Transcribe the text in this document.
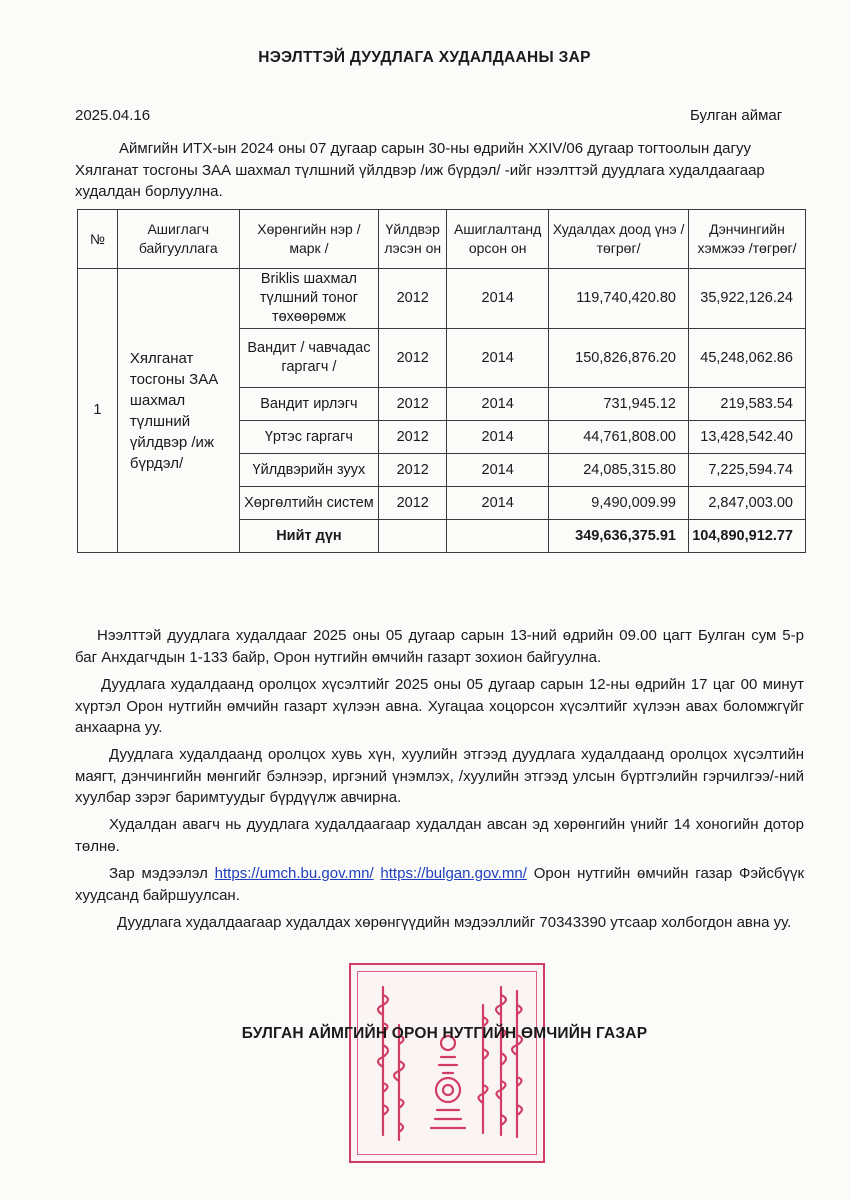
НЭЭЛТТЭЙ ДУУДЛАГА ХУДАЛДААНЫ ЗАР
2025.04.16	Булган аймаг

Аймгийн ИТХ-ын 2024 оны 07 дугаар сарын 30-ны өдрийн XXIV/06 дугаар тогтоолын дагуу Хялганат тосгоны ЗАА шахмал түлшний үйлдвэр /иж бүрдэл/ -ийг нээлттэй дуудлага худалдаагаар худалдан борлуулна.

№	Ашиглагч байгууллага	Хөрөнгийн нэр /марк /	Үйлдвэр лэсэн он	Ашиглалтанд орсон он	Худалдах доод үнэ /төгрөг/	Дэнчингийн хэмжээ /төгрөг/
1	Хялганат тосгоны ЗАА шахмал түлшний үйлдвэр /иж бүрдэл/	Briklis шахмал түлшний тоног төхөөрөмж	2012	2014	119,740,420.80	35,922,126.24
		Вандит / чавчадас гаргагч /	2012	2014	150,826,876.20	45,248,062.86
		Вандит ирлэгч	2012	2014	731,945.12	219,583.54
		Үртэс гаргагч	2012	2014	44,761,808.00	13,428,542.40
		Үйлдвэрийн зуух	2012	2014	24,085,315.80	7,225,594.74
		Хөргөлтийн систем	2012	2014	9,490,009.99	2,847,003.00
		Нийт дүн			349,636,375.91	104,890,912.77

Нээлттэй дуудлага худалдааг 2025 оны 05 дугаар сарын 13-ний өдрийн 09.00 цагт Булган сум 5-р баг Анхдагчдын 1-133 байр, Орон нутгийн өмчийн газарт зохион байгуулна.

Дуудлага худалдаанд оролцох хүсэлтийг 2025 оны 05 дугаар сарын 12-ны өдрийн 17 цаг 00 минут хүртэл Орон нутгийн өмчийн газарт хүлээн авна. Хугацаа хоцорсон хүсэлтийг хүлээн авах боломжгүйг анхаарна уу.

Дуудлага худалдаанд оролцох хувь хүн, хуулийн этгээд дуудлага худалдаанд оролцох хүсэлтийн маягт, дэнчингийн мөнгийг бэлнээр, иргэний үнэмлэх, /хуулийн этгээд улсын бүртгэлийн гэрчилгээ/-ний хуулбар зэрэг баримтуудыг бүрдүүлж авчирна.

Худалдан авагч нь дуудлага худалдаагаар худалдан авсан эд хөрөнгийн үнийг 14 хоногийн дотор төлнө.

Зар мэдээлэл https://umch.bu.gov.mn/ https://bulgan.gov.mn/ Орон нутгийн өмчийн газар Фэйсбүүк хуудсанд байршуулсан.

Дуудлага худалдаагаар худалдах хөрөнгүүдийн мэдээллийг 70343390 утсаар холбогдон авна уу.

БУЛГАН АЙМГИЙН ОРОН НУТГИЙН ӨМЧИЙН ГАЗАР
